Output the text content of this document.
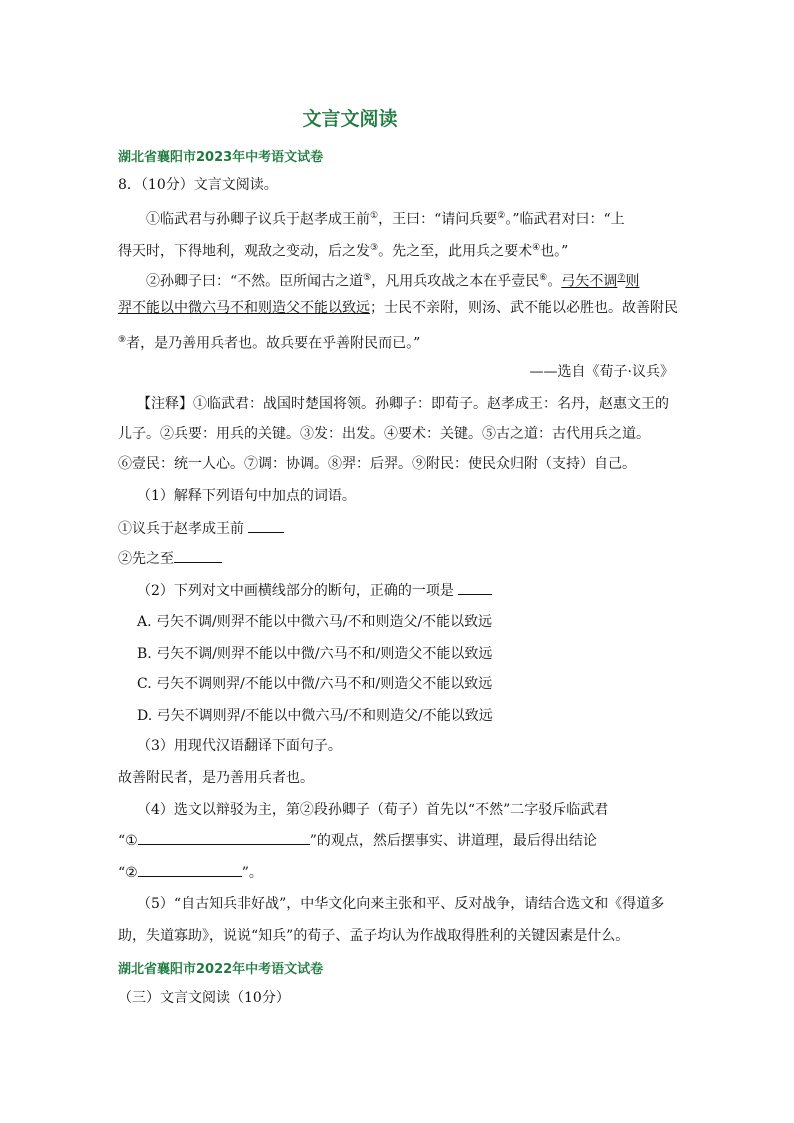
文言文阅读
湖北省襄阳市2023年中考语文试卷
8．（10分）文言文阅读。
①临武君与孙卿子议兵于赵孝成王前①，王曰：“请问兵要②。”临武君对曰：“上
得天时，下得地利，观敌之变动，后之发③。先之至，此用兵之要术④也。”
②孙卿子曰：“不然。臣所闻古之道⑤，凡用兵攻战之本在乎壹民⑥。弓矢不调⑦则
羿不能以中微六马不和则造父不能以致远；士民不亲附，则汤、武不能以必胜也。故善附民
⑨者，是乃善用兵者也。故兵要在乎善附民而已。”
——选自《荀子·议兵》
【注释】①临武君：战国时楚国将领。孙卿子：即荀子。赵孝成王：名丹，赵惠文王的
儿子。②兵要：用兵的关键。③发：出发。④要术：关键。⑤古之道：古代用兵之道。
⑥壹民：统一人心。⑦调：协调。⑧羿：后羿。⑨附民：使民众归附（支持）自己。
（1）解释下列语句中加点的词语。
①议兵于赵孝成王前
②先之至
（2）下列对文中画横线部分的断句，正确的一项是
A. 弓矢不调/则羿不能以中微六马/不和则造父/不能以致远
B. 弓矢不调/则羿不能以中微/六马不和/则造父不能以致远
C. 弓矢不调则羿/不能以中微/六马不和/则造父不能以致远
D. 弓矢不调则羿/不能以中微六马/不和则造父/不能以致远
（3）用现代汉语翻译下面句子。
故善附民者，是乃善用兵者也。
（4）选文以辩驳为主，第②段孙卿子（荀子）首先以“不然”二字驳斥临武君
“①	”的观点，然后摆事实、讲道理，最后得出结论
“②	”。
（5）“自古知兵非好战”，中华文化向来主张和平、反对战争，请结合选文和《得道多
助，失道寡助》，说说“知兵”的荀子、孟子均认为作战取得胜利的关键因素是什么。
湖北省襄阳市2022年中考语文试卷
（三）文言文阅读（10分）
